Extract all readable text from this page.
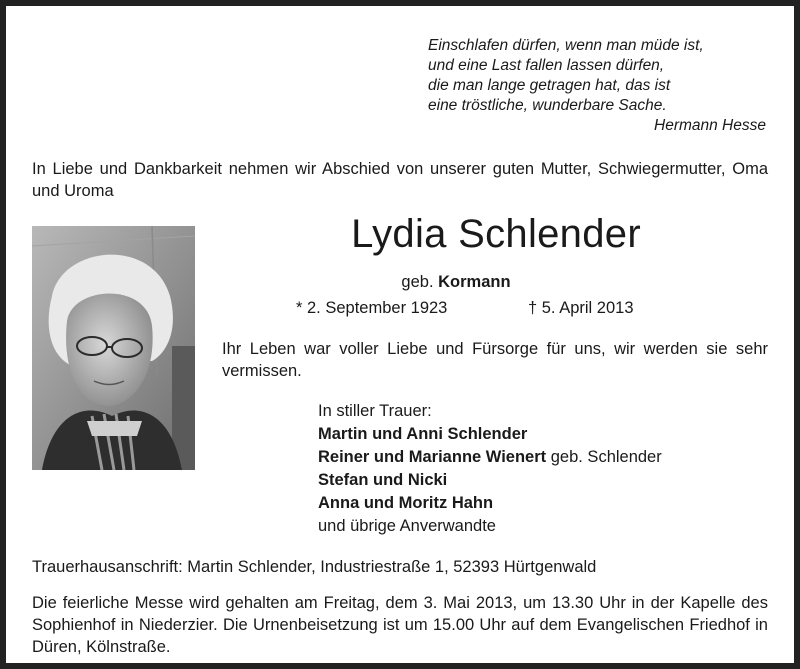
Einschlafen dürfen, wenn man müde ist,
und eine Last fallen lassen dürfen,
die man lange getragen hat, das ist
eine tröstliche, wunderbare Sache.
Hermann Hesse
In Liebe und Dankbarkeit nehmen wir Abschied von unserer guten Mutter, Schwiegermutter, Oma und Uroma
Lydia Schlender
geb. Kormann
* 2. September 1923	† 5. April 2013
Ihr Leben war voller Liebe und Fürsorge für uns, wir werden sie sehr vermissen.
In stiller Trauer:
Martin und Anni Schlender
Reiner und Marianne Wienert geb. Schlender
Stefan und Nicki
Anna und Moritz Hahn
und übrige Anverwandte
Trauerhausanschrift: Martin Schlender, Industriestraße 1, 52393 Hürtgenwald
Die feierliche Messe wird gehalten am Freitag, dem 3. Mai 2013, um 13.30 Uhr in der Kapelle des Sophienhof in Niederzier. Die Urnenbeisetzung ist um 15.00 Uhr auf dem Evangelischen Friedhof in Düren, Kölnstraße.
